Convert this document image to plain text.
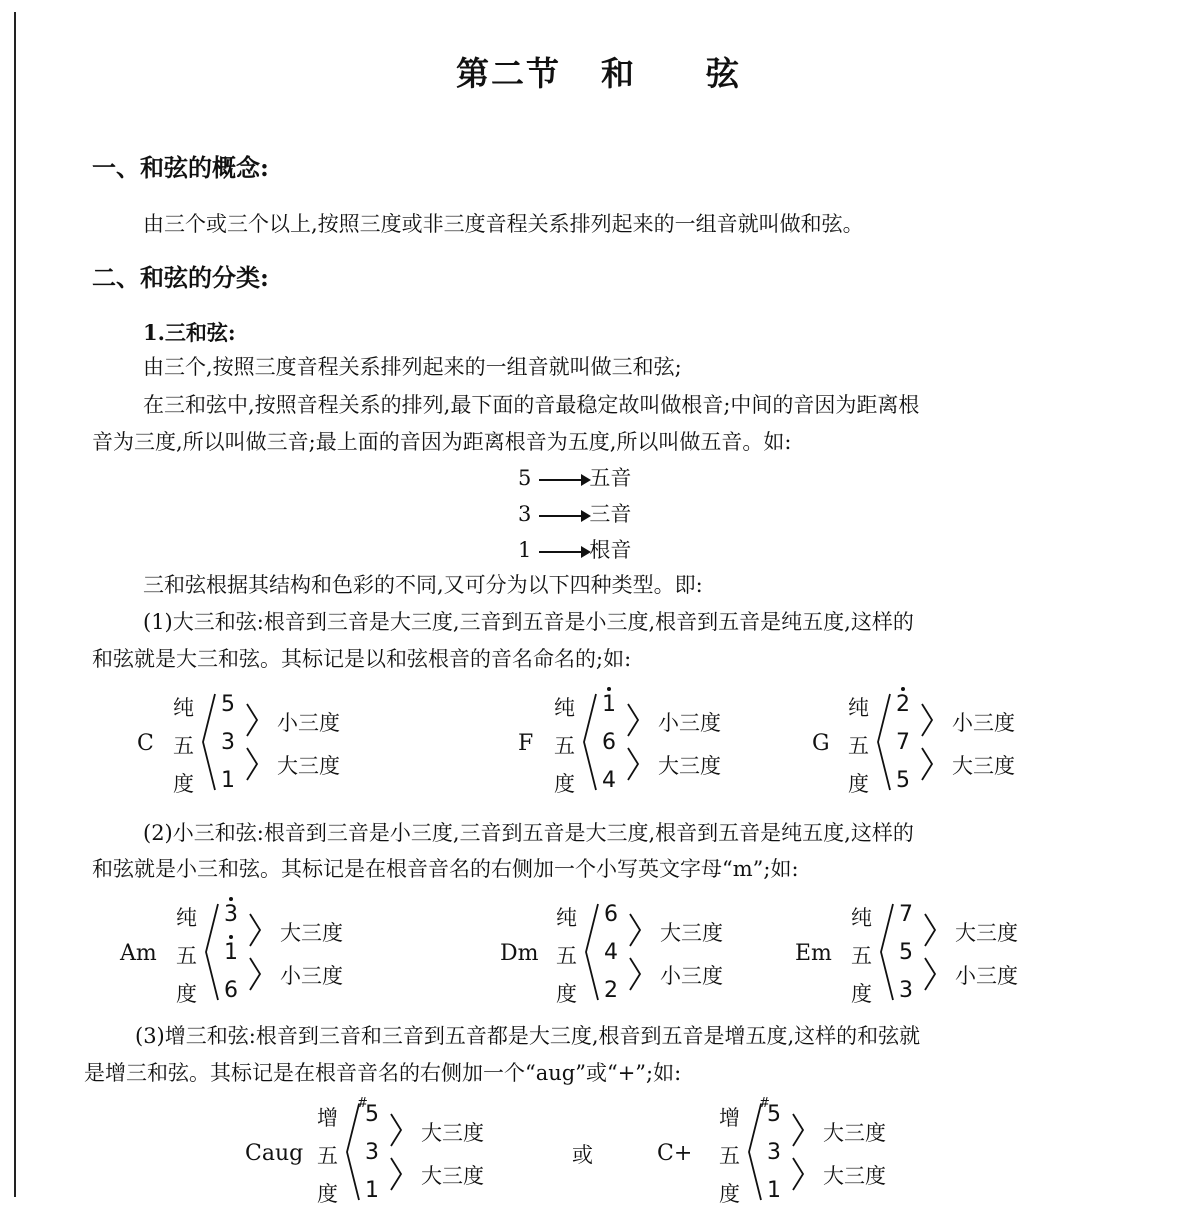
第二节 和 弦
一、和弦的概念:
由三个或三个以上,按照三度或非三度音程关系排列起来的一组音就叫做和弦。
二、和弦的分类:
1.三和弦:
由三个,按照三度音程关系排列起来的一组音就叫做三和弦;
在三和弦中,按照音程关系的排列,最下面的音最稳定故叫做根音;中间的音因为距离根
音为三度,所以叫做三音;最上面的音因为距离根音为五度,所以叫做五音。如:
5	五音
3	三音
1	根音
三和弦根据其结构和色彩的不同,又可分为以下四种类型。即:
(1)大三和弦:根音到三音是大三度,三音到五音是小三度,根音到五音是纯五度,这样的
和弦就是大三和弦。其标记是以和弦根音的音名命名的;如:
C
纯
五
度
5
3
1
小三度
大三度
F
纯
五
度
1
6
4
小三度
大三度
G
纯
五
度
2
7
5
小三度
大三度
(2)小三和弦:根音到三音是小三度,三音到五音是大三度,根音到五音是纯五度,这样的
和弦就是小三和弦。其标记是在根音音名的右侧加一个小写英文字母“m”;如:
Am
纯
五
度
3
1
6
大三度
小三度
Dm
纯
五
度
6
4
2
大三度
小三度
Em
纯
五
度
7
5
3
大三度
小三度
(3)增三和弦:根音到三音和三音到五音都是大三度,根音到五音是增五度,这样的和弦就
是增三和弦。其标记是在根音音名的右侧加一个“aug”或“+”;如:
Caug
增
五
度
5
3
1
#
大三度
大三度
或	C+
增
五
度
5
3
1
#
大三度
大三度
